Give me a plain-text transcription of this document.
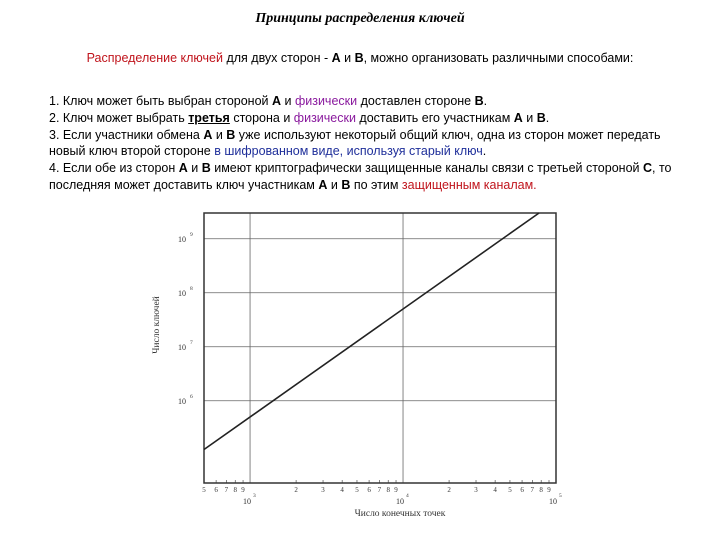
Принципы распределения ключей
Распределение ключей для двух сторон - A и B, можно организовать различными способами:

1. Ключ может быть выбран стороной A и физически доставлен стороне B.

2. Ключ может выбрать третья сторона и физически доставить его участникам A и B.

3. Если участники обмена A и B уже используют некоторый общий ключ, одна из сторон может передать новый ключ второй стороне в шифрованном виде, используя старый ключ.

4. Если обе из сторон A и B имеют криптографически защищенные каналы связи с третьей стороной C, то последняя может доставить ключ участникам A и B по этим защищенным каналам.

10 6
10 7
10 8
10 9
10
3
10
4
10
5
5 6 7 8 9	2	3 4 5 6 7 8 9	2	3 4 5 6 7 8 9
Число конечных точек
Число ключей
